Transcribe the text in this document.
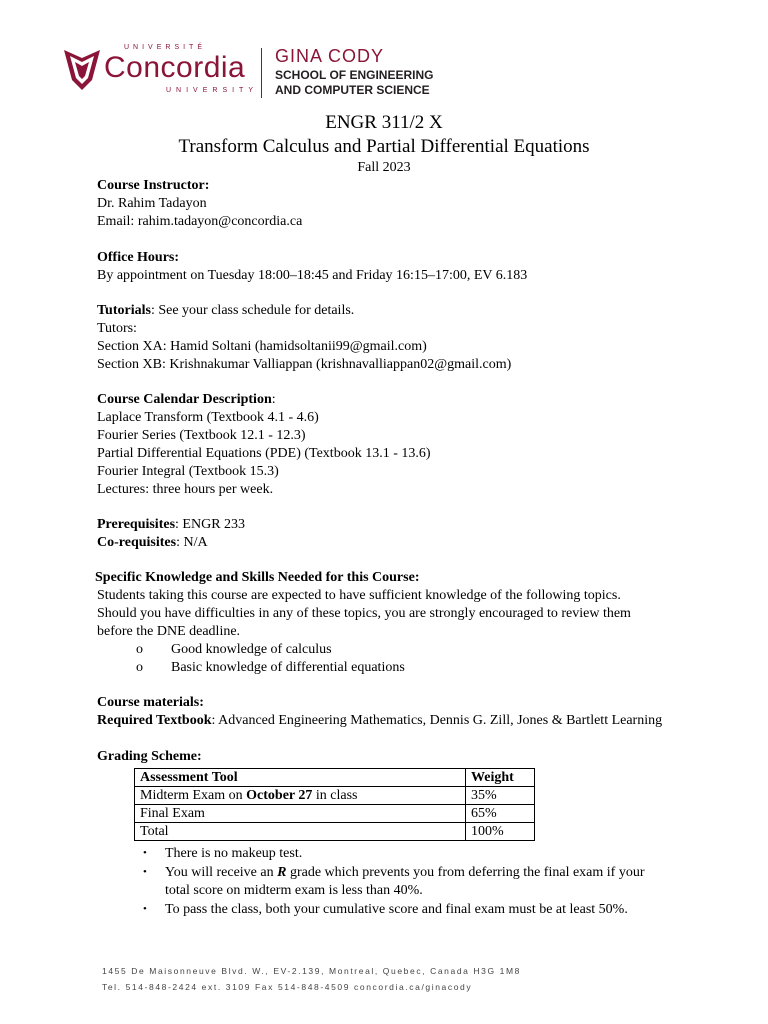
UNIVERSITÉ
Concordia
UNIVERSITY
GINA CODY
SCHOOL OF ENGINEERING
AND COMPUTER SCIENCE
ENGR 311/2 X
Transform Calculus and Partial Differential Equations
Fall 2023
Course Instructor:
Dr. Rahim Tadayon
Email: rahim.tadayon@concordia.ca
Office Hours:
By appointment on Tuesday 18:00–18:45 and Friday 16:15–17:00, EV 6.183
Tutorials: See your class schedule for details.
Tutors:
Section XA: Hamid Soltani (hamidsoltanii99@gmail.com)
Section XB: Krishnakumar Valliappan (krishnavalliappan02@gmail.com)
Course Calendar Description:
Laplace Transform (Textbook 4.1 - 4.6)
Fourier Series (Textbook 12.1 - 12.3)
Partial Differential Equations (PDE) (Textbook 13.1 - 13.6)
Fourier Integral (Textbook 15.3)
Lectures: three hours per week.
Prerequisites: ENGR 233
Co-requisites: N/A
Specific Knowledge and Skills Needed for this Course:
Students taking this course are expected to have sufficient knowledge of the following topics.
Should you have difficulties in any of these topics, you are strongly encouraged to review them
before the DNE deadline.
o Good knowledge of calculus
o Basic knowledge of differential equations
Course materials:
Required Textbook: Advanced Engineering Mathematics, Dennis G. Zill, Jones & Bartlett Learning
Grading Scheme:
Assessment Tool	Weight
Midterm Exam on October 27 in class	35%
Final Exam	65%
Total	100%
• There is no makeup test.
• You will receive an R grade which prevents you from deferring the final exam if your
total score on midterm exam is less than 40%.
• To pass the class, both your cumulative score and final exam must be at least 50%.
1455 De Maisonneuve Blvd. W., EV-2.139, Montreal, Quebec, Canada H3G 1M8
Tel. 514-848-2424 ext. 3109 Fax 514-848-4509 concordia.ca/ginacody
